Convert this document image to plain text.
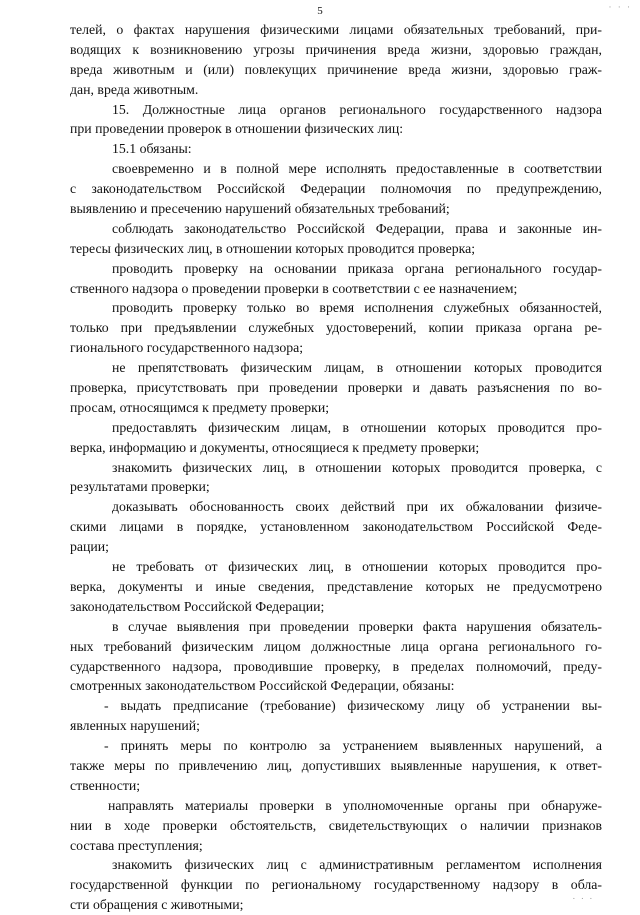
· · ·
5
телей, о фактах нарушения физическими лицами обязательных требований, при-
водящих к возникновению угрозы причинения вреда жизни, здоровью граждан,
вреда животным и (или) повлекущих причинение вреда жизни, здоровью граж-
дан, вреда животным.
15. Должностные лица органов регионального государственного надзора
при проведении проверок в отношении физических лиц:
15.1 обязаны:
своевременно и в полной мере исполнять предоставленные в соответствии
с законодательством Российской Федерации полномочия по предупреждению,
выявлению и пресечению нарушений обязательных требований;
соблюдать законодательство Российской Федерации, права и законные ин-
тересы физических лиц, в отношении которых проводится проверка;
проводить проверку на основании приказа органа регионального государ-
ственного надзора о проведении проверки в соответствии с ее назначением;
проводить проверку только во время исполнения служебных обязанностей,
только при предъявлении служебных удостоверений, копии приказа органа ре-
гионального государственного надзора;
не препятствовать физическим лицам, в отношении которых проводится
проверка, присутствовать при проведении проверки и давать разъяснения по во-
просам, относящимся к предмету проверки;
предоставлять физическим лицам, в отношении которых проводится про-
верка, информацию и документы, относящиеся к предмету проверки;
знакомить физических лиц, в отношении которых проводится проверка, с
результатами проверки;
доказывать обоснованность своих действий при их обжаловании физиче-
скими лицами в порядке, установленном законодательством Российской Феде-
рации;
не требовать от физических лиц, в отношении которых проводится про-
верка, документы и иные сведения, представление которых не предусмотрено
законодательством Российской Федерации;
в случае выявления при проведении проверки факта нарушения обязатель-
ных требований физическим лицом должностные лица органа регионального го-
сударственного надзора, проводившие проверку, в пределах полномочий, преду-
смотренных законодательством Российской Федерации, обязаны:
- выдать предписание (требование) физическому лицу об устранении вы-
явленных нарушений;
- принять меры по контролю за устранением выявленных нарушений, а
также меры по привлечению лиц, допустивших выявленные нарушения, к ответ-
ственности;
направлять материалы проверки в уполномоченные органы при обнаруже-
нии в ходе проверки обстоятельств, свидетельствующих о наличии признаков
состава преступления;
знакомить физических лиц с административным регламентом исполнения
государственной функции по региональному государственному надзору в обла-
сти обращения с животными;
. . .
